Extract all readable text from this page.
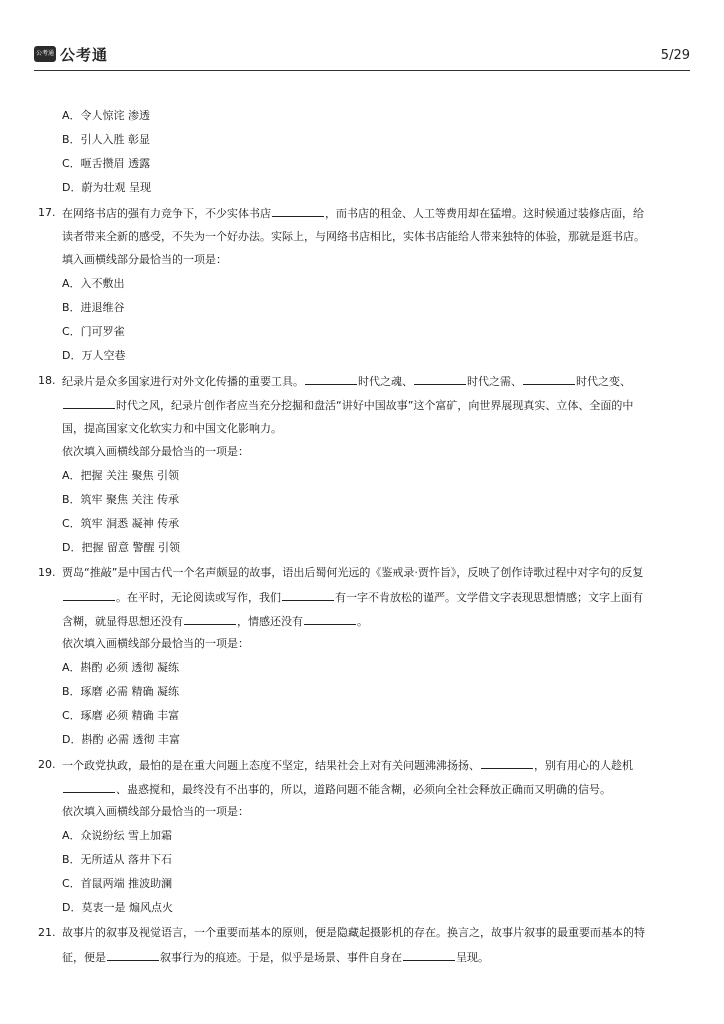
公考通 公考通	5/29
A．令人惊诧 渗透
B．引人入胜 彰显
C．咂舌攒眉 透露
D．蔚为壮观 呈现
17. 在网络书店的强有力竞争下，不少实体书店	，而书店的租金、人工等费用却在猛增。这时候通过装修店面，给
读者带来全新的感受，不失为一个好办法。实际上，与网络书店相比，实体书店能给人带来独特的体验，那就是逛书店。
填入画横线部分最恰当的一项是：
A．入不敷出
B．进退维谷
C．门可罗雀
D．万人空巷
18. 纪录片是众多国家进行对外文化传播的重要工具。	时代之魂、	时代之需、	时代之变、
时代之风，纪录片创作者应当充分挖掘和盘活“讲好中国故事”这个富矿，向世界展现真实、立体、全面的中
国，提高国家文化软实力和中国文化影响力。
依次填入画横线部分最恰当的一项是：
A．把握 关注 聚焦 引领
B．筑牢 聚焦 关注 传承
C．筑牢 洞悉 凝神 传承
D．把握 留意 警醒 引领
19. 贾岛“推敲”是中国古代一个名声颇显的故事，语出后蜀何光远的《鉴戒录·贾忤旨》，反映了创作诗歌过程中对字句的反复
。在平时，无论阅读或写作，我们	有一字不肯放松的谨严。文学借文字表现思想情感；文字上面有
含糊，就显得思想还没有	，情感还没有	。
依次填入画横线部分最恰当的一项是：
A．斟酌 必须 透彻 凝练
B．琢磨 必需 精确 凝练
C．琢磨 必须 精确 丰富
D．斟酌 必需 透彻 丰富
20. 一个政党执政，最怕的是在重大问题上态度不坚定，结果社会上对有关问题沸沸扬扬、	，别有用心的人趁机
、蛊惑搅和，最终没有不出事的，所以，道路问题不能含糊，必须向全社会释放正确而又明确的信号。
依次填入画横线部分最恰当的一项是：
A．众说纷纭 雪上加霜
B．无所适从 落井下石
C．首鼠两端 推波助澜
D．莫衷一是 煽风点火
21. 故事片的叙事及视觉语言，一个重要而基本的原则，便是隐藏起摄影机的存在。换言之，故事片叙事的最重要而基本的特
征，便是	叙事行为的痕迹。于是，似乎是场景、事件自身在	呈现。
